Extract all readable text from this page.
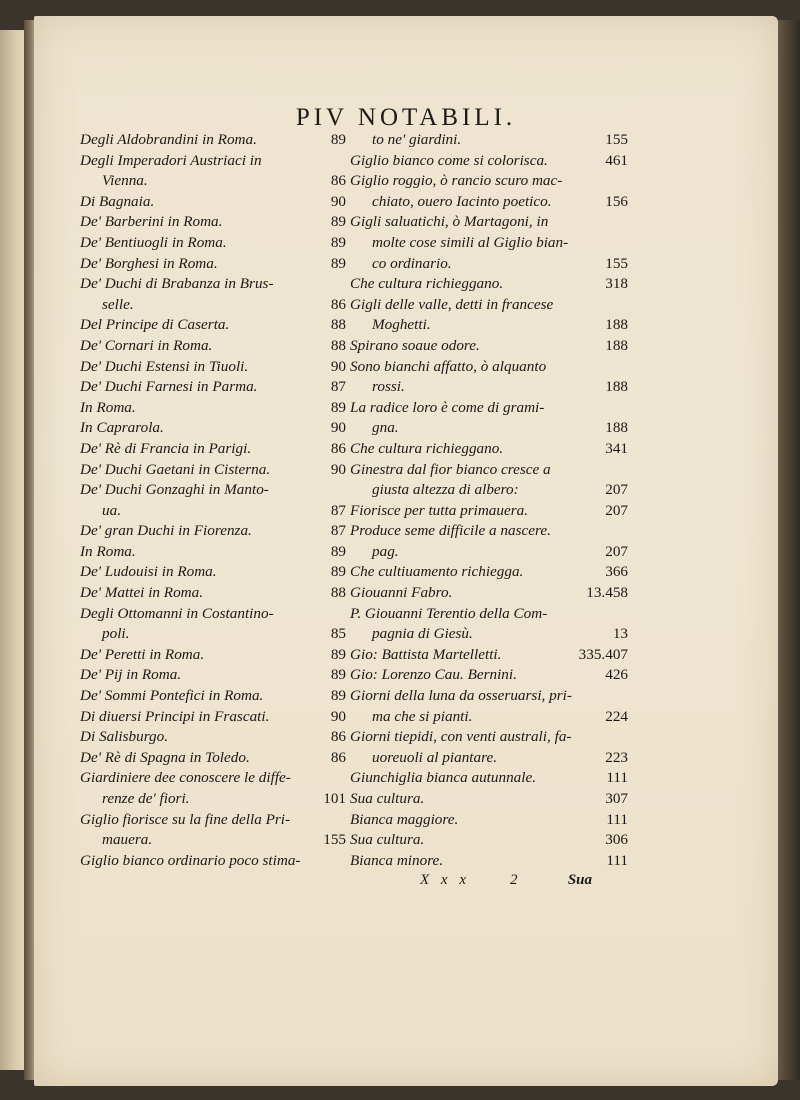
PIV NOTABILI.
Degli Aldobrandini in Roma.	89
Degli Imperadori Austriaci in
Vienna.	86
Di Bagnaia.	90
De' Barberini in Roma.	89
De' Bentiuogli in Roma.	89
De' Borghesi in Roma.	89
De' Duchi di Brabanza in Brus-
selle.	86
Del Principe di Caserta.	88
De' Cornari in Roma.	88
De' Duchi Estensi in Tiuoli.	90
De' Duchi Farnesi in Parma.	87
In Roma.	89
In Caprarola.	90
De' Rè di Francia in Parigi.	86
De' Duchi Gaetani in Cisterna.	90
De' Duchi Gonzaghi in Manto-
ua.	87
De' gran Duchi in Fiorenza.	87
In Roma.	89
De' Ludouisi in Roma.	89
De' Mattei in Roma.	88
Degli Ottomanni in Costantino-
poli.	85
De' Peretti in Roma.	89
De' Pij in Roma.	89
De' Sommi Pontefici in Roma.	89
Di diuersi Principi in Frascati.	90
Di Salisburgo.	86
De' Rè di Spagna in Toledo.	86
Giardiniere dee conoscere le diffe-
renze de' fiori.	101
Giglio fiorisce su la fine della Pri-
mauera.	155
Giglio bianco ordinario poco stima-
to ne' giardini.	155
Giglio bianco come si colorisca.	461
Giglio roggio, ò rancio scuro mac-
chiato, ouero Iacinto poetico.	156
Gigli saluatichi, ò Martagoni, in
molte cose simili al Giglio bian-
co ordinario.	155
Che cultura richieggano.	318
Gigli delle valle, detti in francese
Moghetti.	188
Spirano soaue odore.	188
Sono bianchi affatto, ò alquanto
rossi.	188
La radice loro è come di grami-
gna.	188
Che cultura richieggano.	341
Ginestra dal fior bianco cresce a
giusta altezza di albero:	207
Fiorisce per tutta primauera.	207
Produce seme difficile a nascere.
pag.	207
Che cultiuamento richiegga.	366
Giouanni Fabro.	13.458
P. Giouanni Terentio della Com-
pagnia di Giesù.	13
Gio: Battista Martelletti.	335.407
Gio: Lorenzo Cau. Bernini.	426
Giorni della luna da osseruarsi, pri-
ma che si pianti.	224
Giorni tiepidi, con venti australi, fa-
uoreuoli al piantare.	223
Giunchiglia bianca autunnale.	111
Sua cultura.	307
Bianca maggiore.	111
Sua cultura.	306
Bianca minore.	111
X x x	2	Sua
